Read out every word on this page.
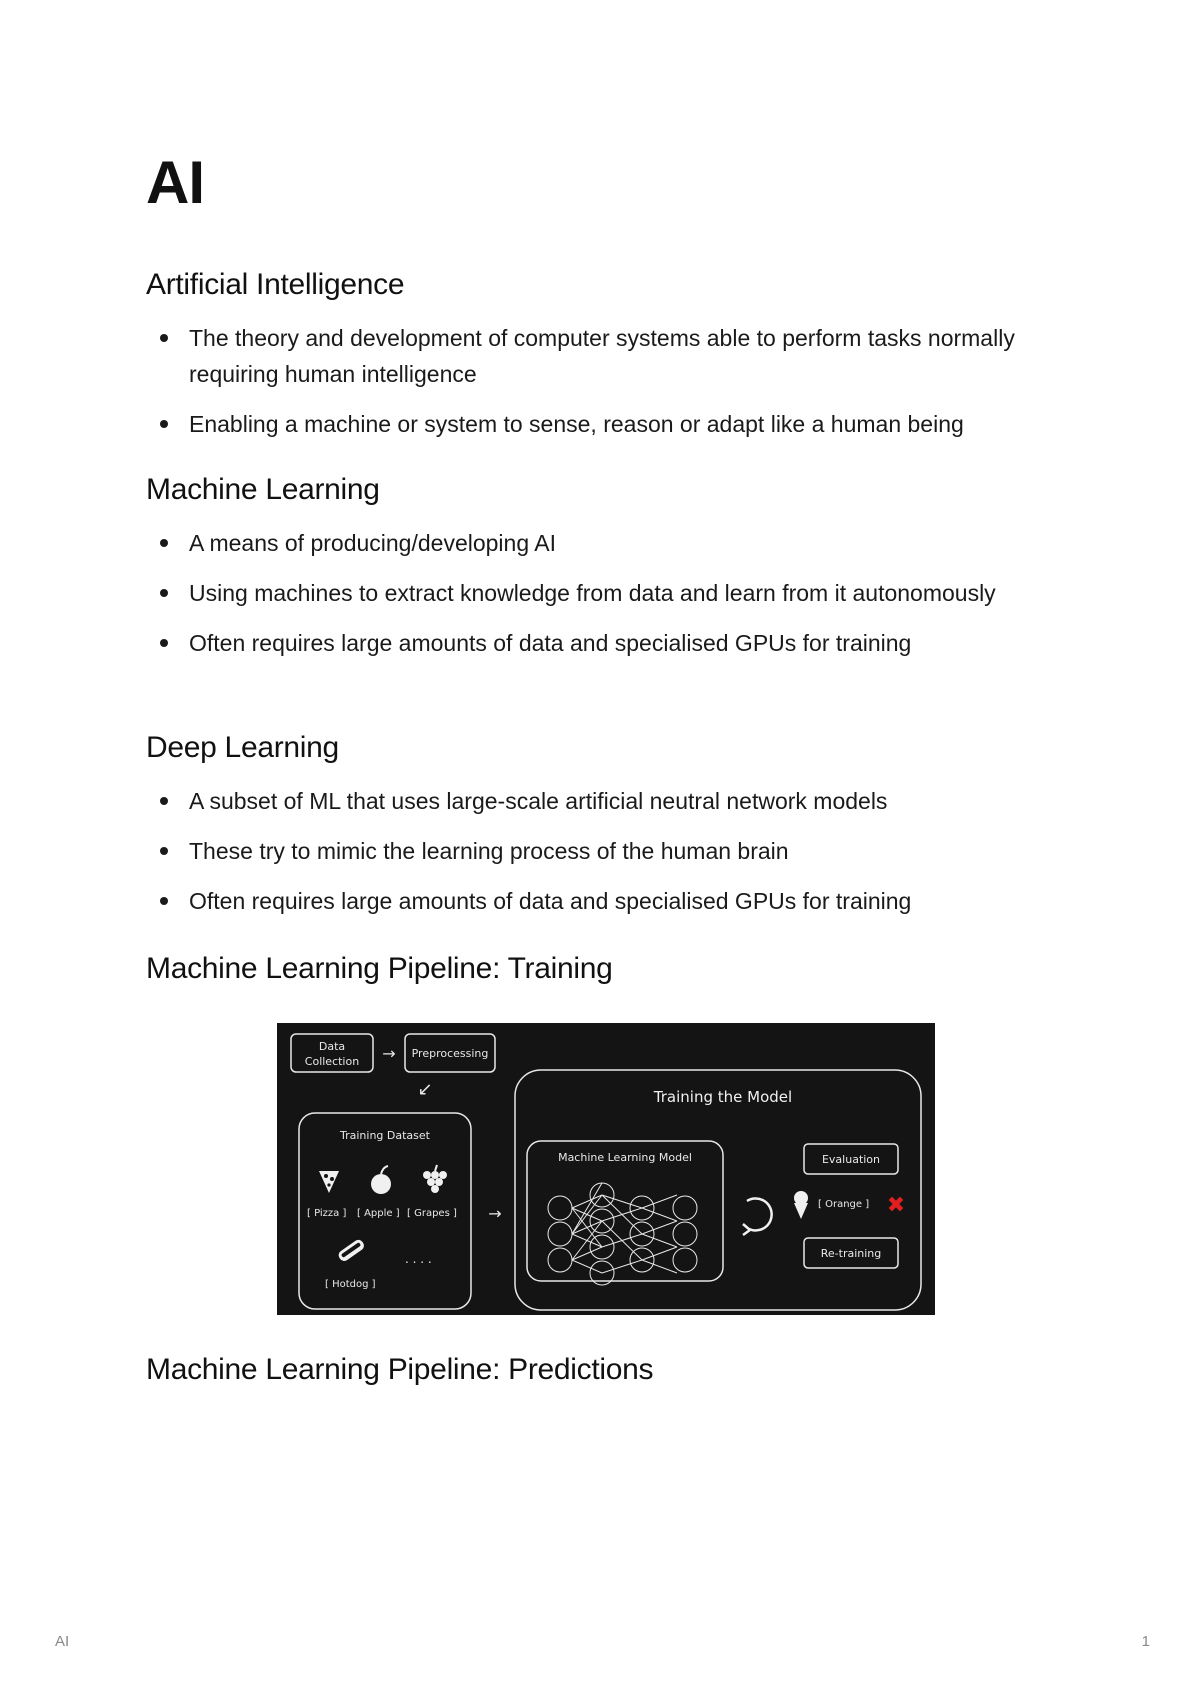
AI
Artificial Intelligence
The theory and development of computer systems able to perform tasks normally requiring human intelligence
Enabling a machine or system to sense, reason or adapt like a human being
Machine Learning
A means of producing/developing AI
Using machines to extract knowledge from data and learn from it autonomously
Often requires large amounts of data and specialised GPUs for training
Deep Learning
A subset of ML that uses large-scale artificial neutral network models
These try to mimic the learning process of the human brain
Often requires large amounts of data and specialised GPUs for training
Machine Learning Pipeline: Training
Data
Collection → Preprocessing
↙
Training Dataset
[ Pizza ] [ Apple ] [ Grapes ]
[ Hotdog ]
. . . .
→
Training the Model
Machine Learning Model	Evaluation
[ Orange ] ✖
Re-training
Machine Learning Pipeline: Predictions
AI	1
